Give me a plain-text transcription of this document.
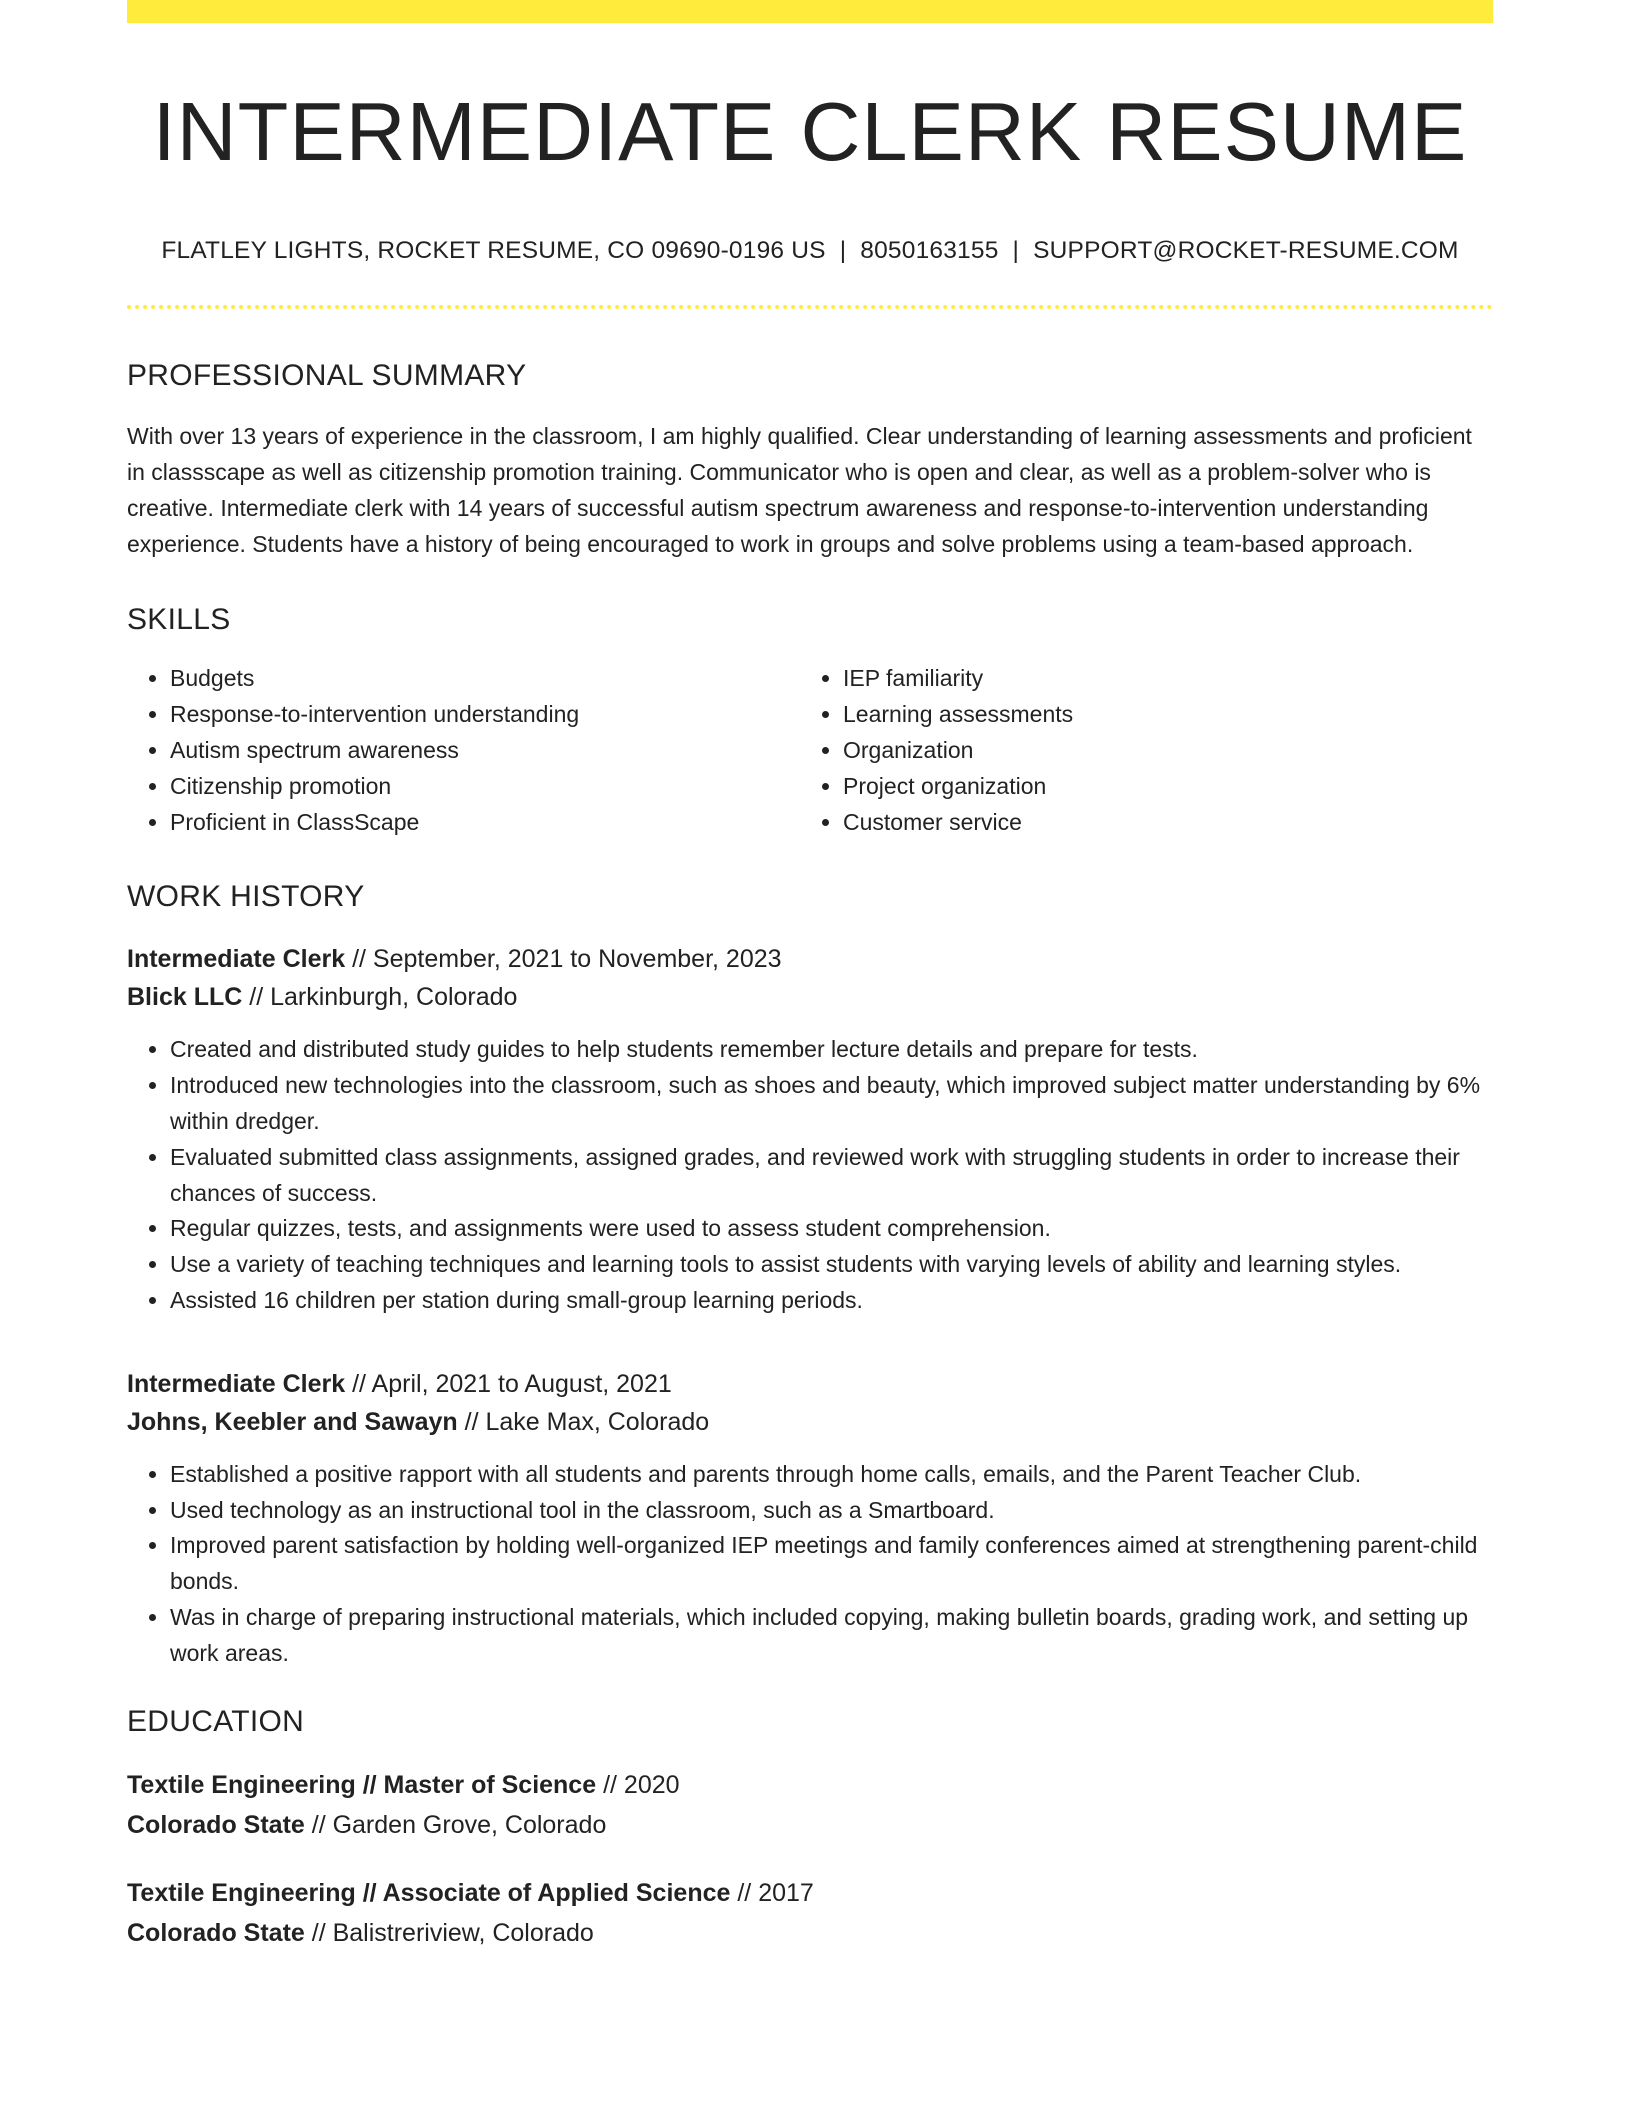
INTERMEDIATE CLERK RESUME
FLATLEY LIGHTS, ROCKET RESUME, CO 09690-0196 US | 8050163155 | SUPPORT@ROCKET-RESUME.COM
PROFESSIONAL SUMMARY
With over 13 years of experience in the classroom, I am highly qualified. Clear understanding of learning assessments and proficient in classscape as well as citizenship promotion training. Communicator who is open and clear, as well as a problem-solver who is creative. Intermediate clerk with 14 years of successful autism spectrum awareness and response-to-intervention understanding experience. Students have a history of being encouraged to work in groups and solve problems using a team-based approach.
SKILLS
• Budgets
• Response-to-intervention understanding
• Autism spectrum awareness
• Citizenship promotion
• Proficient in ClassScape
• IEP familiarity
• Learning assessments
• Organization
• Project organization
• Customer service
WORK HISTORY
Intermediate Clerk // September, 2021 to November, 2023
Blick LLC // Larkinburgh, Colorado
• Created and distributed study guides to help students remember lecture details and prepare for tests.
• Introduced new technologies into the classroom, such as shoes and beauty, which improved subject matter understanding by 6% within dredger.
• Evaluated submitted class assignments, assigned grades, and reviewed work with struggling students in order to increase their chances of success.
• Regular quizzes, tests, and assignments were used to assess student comprehension.
• Use a variety of teaching techniques and learning tools to assist students with varying levels of ability and learning styles.
• Assisted 16 children per station during small-group learning periods.
Intermediate Clerk // April, 2021 to August, 2021
Johns, Keebler and Sawayn // Lake Max, Colorado
• Established a positive rapport with all students and parents through home calls, emails, and the Parent Teacher Club.
• Used technology as an instructional tool in the classroom, such as a Smartboard.
• Improved parent satisfaction by holding well-organized IEP meetings and family conferences aimed at strengthening parent-child bonds.
• Was in charge of preparing instructional materials, which included copying, making bulletin boards, grading work, and setting up work areas.
EDUCATION
Textile Engineering // Master of Science // 2020
Colorado State // Garden Grove, Colorado
Textile Engineering // Associate of Applied Science // 2017
Colorado State // Balistreriview, Colorado
